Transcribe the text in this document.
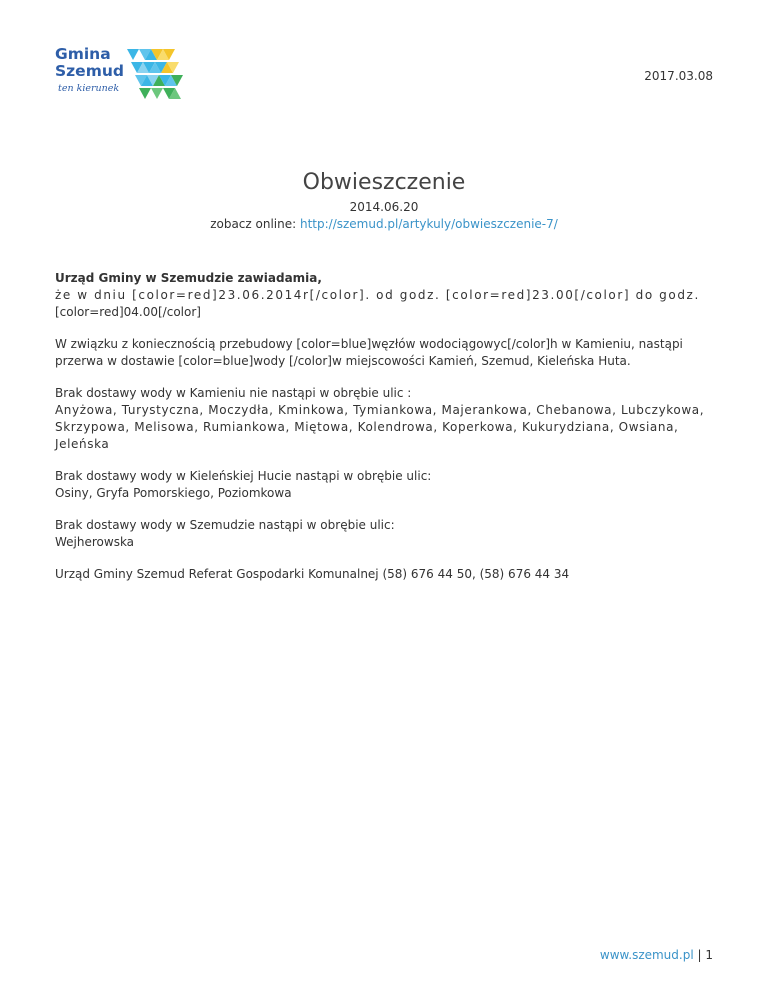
Gmina
Szemud
ten kierunek
2017.03.08
Obwieszczenie
2014.06.20
zobacz online: http://szemud.pl/artykuly/obwieszczenie-7/

Urząd Gminy w Szemudzie zawiadamia,
że w dniu [color=red]23.06.2014r[/color]. od godz. [color=red]23.00[/color] do godz.
[color=red]04.00[/color]

W związku z koniecznością przebudowy [color=blue]węzłów wodociągowyc[/color]h w Kamieniu, nastąpi przerwa w dostawie [color=blue]wody [/color]w miejscowości Kamień, Szemud, Kieleńska Huta.

Brak dostawy wody w Kamieniu nie nastąpi w obrębie ulic :
Anyżowa, Turystyczna, Moczydła, Kminkowa, Tymiankowa, Majerankowa, Chebanowa, Lubczykowa, Skrzypowa, Melisowa, Rumiankowa, Miętowa, Kolendrowa, Koperkowa, Kukurydziana, Owsiana, Jeleńska

Brak dostawy wody w Kieleńskiej Hucie nastąpi w obrębie ulic:
Osiny, Gryfa Pomorskiego, Poziomkowa

Brak dostawy wody w Szemudzie nastąpi w obrębie ulic:
Wejherowska

Urząd Gminy Szemud Referat Gospodarki Komunalnej (58) 676 44 50, (58) 676 44 34

www.szemud.pl | 1
